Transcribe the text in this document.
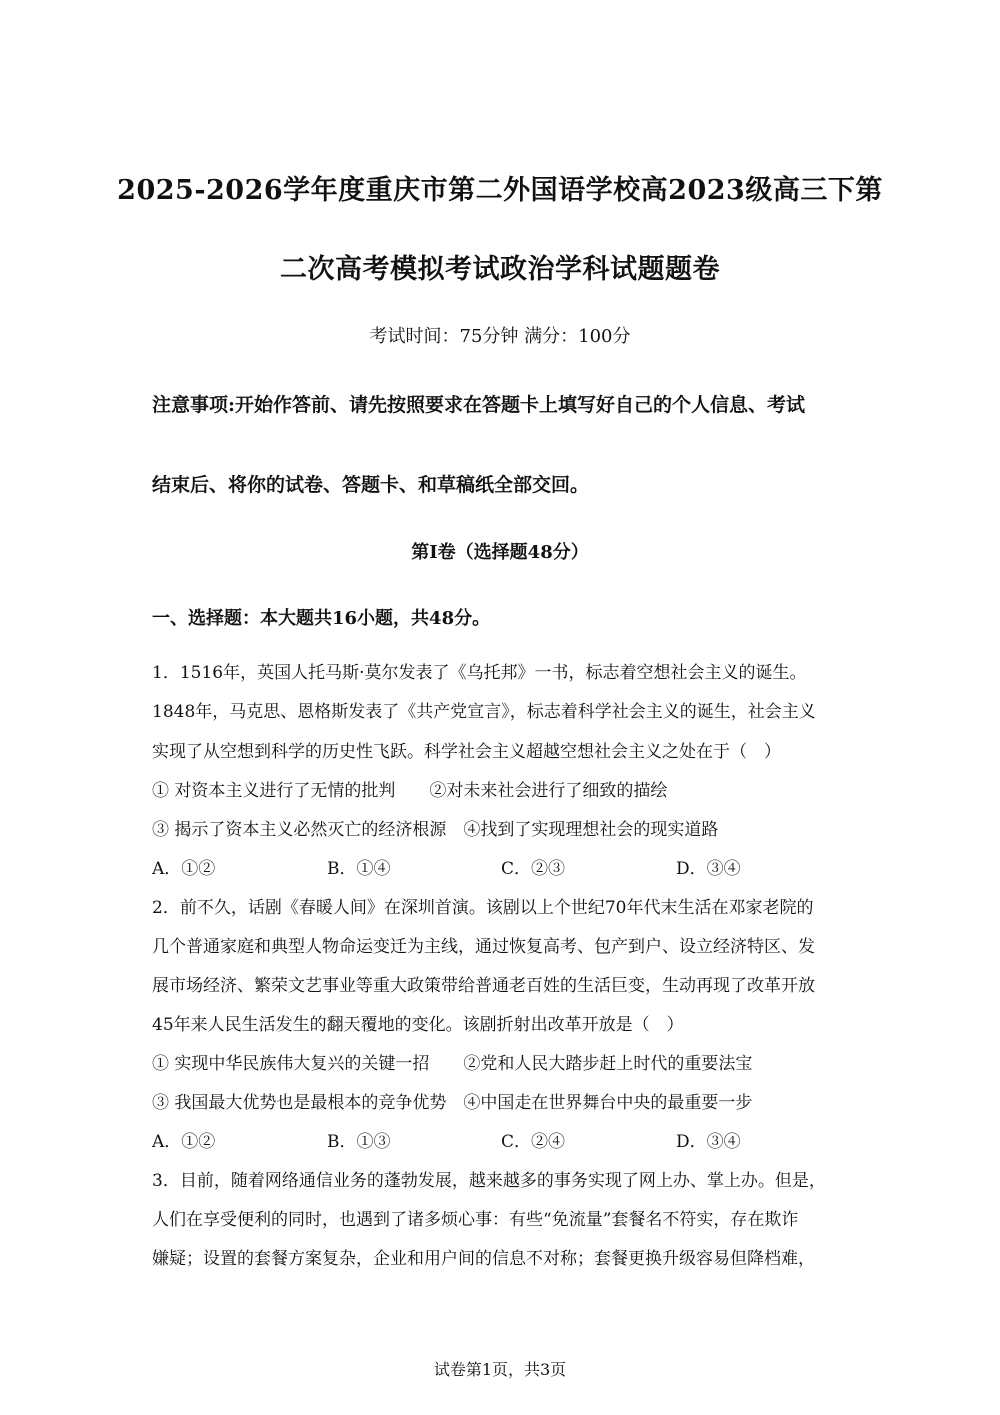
2025-2026学年度重庆市第二外国语学校高2023级高三下第
二次高考模拟考试政治学科试题题卷
考试时间：75分钟 满分：100分
注意事项:开始作答前、请先按照要求在答题卡上填写好自己的个人信息、考试
结束后、将你的试卷、答题卡、和草稿纸全部交回。
第I卷（选择题48分）
一、选择题：本大题共16小题，共48分。
1．1516年，英国人托马斯·莫尔发表了《乌托邦》一书，标志着空想社会主义的诞生。
1848年，马克思、恩格斯发表了《共产党宣言》，标志着科学社会主义的诞生，社会主义
实现了从空想到科学的历史性飞跃。科学社会主义超越空想社会主义之处在于（　）
① 对资本主义进行了无情的批判　　②对未来社会进行了细致的描绘
③ 揭示了资本主义必然灭亡的经济根源　④找到了实现理想社会的现实道路
A．①②	B．①④	C．②③	D．③④
2．前不久，话剧《春暖人间》在深圳首演。该剧以上个世纪70年代末生活在邓家老院的
几个普通家庭和典型人物命运变迁为主线，通过恢复高考、包产到户、设立经济特区、发
展市场经济、繁荣文艺事业等重大政策带给普通老百姓的生活巨变，生动再现了改革开放
45年来人民生活发生的翻天覆地的变化。该剧折射出改革开放是（　）
① 实现中华民族伟大复兴的关键一招　　②党和人民大踏步赶上时代的重要法宝
③ 我国最大优势也是最根本的竞争优势　④中国走在世界舞台中央的最重要一步
A．①②	B．①③	C．②④	D．③④
3．目前，随着网络通信业务的蓬勃发展，越来越多的事务实现了网上办、掌上办。但是，
人们在享受便利的同时，也遇到了诸多烦心事：有些“免流量”套餐名不符实，存在欺诈
嫌疑；设置的套餐方案复杂，企业和用户间的信息不对称；套餐更换升级容易但降档难，
试卷第1页，共3页
